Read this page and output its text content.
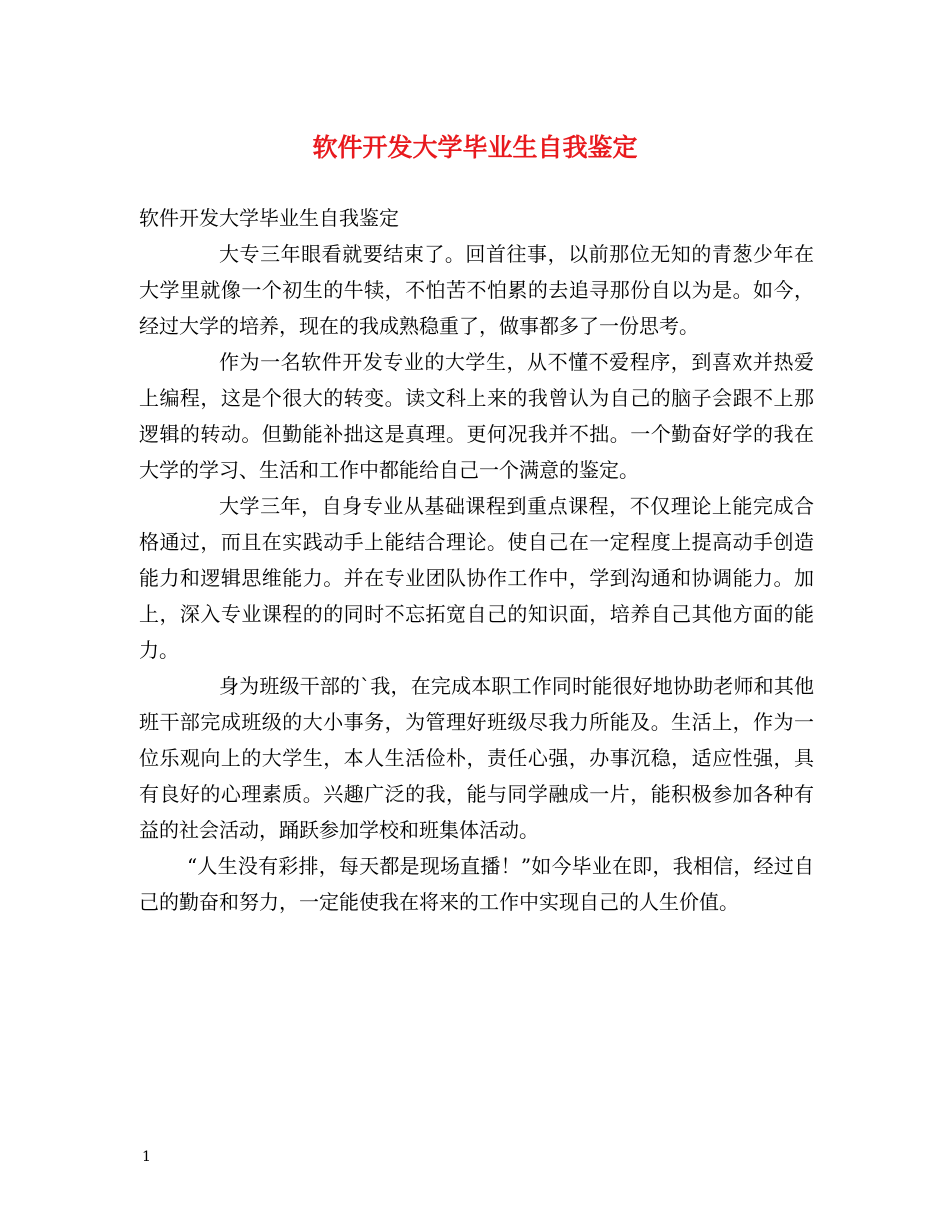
软件开发大学毕业生自我鉴定

软件开发大学毕业生自我鉴定

大专三年眼看就要结束了。回首往事，以前那位无知的青葱少年在大学里就像一个初生的牛犊，不怕苦不怕累的去追寻那份自以为是。如今，经过大学的培养，现在的我成熟稳重了，做事都多了一份思考。

作为一名软件开发专业的大学生，从不懂不爱程序，到喜欢并热爱上编程，这是个很大的转变。读文科上来的我曾认为自己的脑子会跟不上那逻辑的转动。但勤能补拙这是真理。更何况我并不拙。一个勤奋好学的我在大学的学习、生活和工作中都能给自己一个满意的鉴定。

大学三年，自身专业从基础课程到重点课程，不仅理论上能完成合格通过，而且在实践动手上能结合理论。使自己在一定程度上提高动手创造能力和逻辑思维能力。并在专业团队协作工作中，学到沟通和协调能力。加上，深入专业课程的的同时不忘拓宽自己的知识面，培养自己其他方面的能力。

身为班级干部的`我，在完成本职工作同时能很好地协助老师和其他班干部完成班级的大小事务，为管理好班级尽我力所能及。生活上，作为一位乐观向上的大学生，本人生活俭朴，责任心强，办事沉稳，适应性强，具有良好的心理素质。兴趣广泛的我，能与同学融成一片，能积极参加各种有益的社会活动，踊跃参加学校和班集体活动。

“人生没有彩排，每天都是现场直播！”如今毕业在即，我相信，经过自己的勤奋和努力，一定能使我在将来的工作中实现自己的人生价值。

1
